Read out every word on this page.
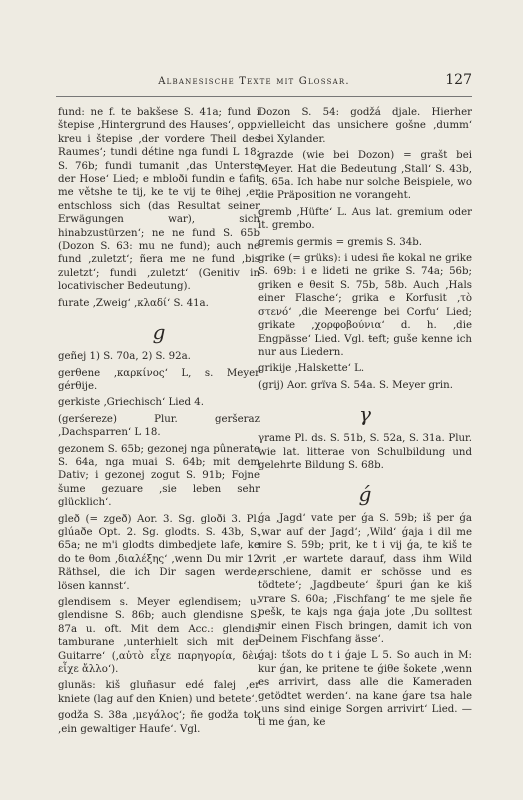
Albanesische Texte mit Glossar.	127

fund: ne f. te bakšese S. 41a; fund i štepise ‚Hintergrund des Hauses‘, opp. kreu i štepise ‚der vordere Theil des Raumes‘; tundi détine nga fundi L 18; S. 76b; fundi tumanit ‚das Unterste der Hose‘ Lied; e mbloði fundin e ťafit me větshe te tij, ke te vij te θihej ‚er entschloss sich (das Resultat seiner Erwägungen war), sich hinabzustürzen‘; ne ne fund S. 65b (Dozon S. 63: mu ne fund); auch ne fund ‚zuletzt‘; ñera me ne fund ‚bis zuletzt‘; fundi ‚zuletzt‘ (Genitiv in locativischer Bedeutung).

furate ‚Zweig‘ ‚κλαδί‘ S. 41a.

g

geñej 1) S. 70a, 2) S. 92a.

gerθene ‚καρκίνος‘ L, s. Meyer gérθije.

gerkiste ‚Griechisch‘ Lied 4.

(gerśereze) Plur. geršeraz ‚Dachsparren‘ L 18.

gezonem S. 65b; gezonej nga pûnerate S. 64a, nga muai S. 64b; mit dem Dativ; i gezonej zogut S. 91b; Fojne šume gezuare ‚sie leben sehr glücklich‘.

gleð (= zgeð) Aor. 3. Sg. gloði 3. Pl. glúaðe Opt. 2. Sg. glodts. S. 43b, S. 65a; ne m'i glodts dimbedjete lafe, ke do te θom ‚διαλέξης‘ ‚wenn Du mir 12 Räthsel, die ich Dir sagen werde, lösen kannst‘.

glendisem s. Meyer eglendisem; u-glendisne S. 86b; auch glendisne S. 87a u. oft. Mit dem Acc.: glendis tamburane ‚unterhielt sich mit der Guitarre‘ (‚αὐτὸ εἶχε παρηγορία, δὲν εἶχε ἄλλο‘).

glunäs: kiš gluñasur edé falej ‚er kniete (lag auf den Knien) und betete‘.

godža S. 38a ‚μεγάλος‘; ñe godža tok ‚ein gewaltiger Haufe‘. Vgl.

Dozon S. 54: godžá djale. Hierher vielleicht das unsichere gošne ‚dumm‘ bei Xylander.

grazde (wie bei Dozon) = grašt bei Meyer. Hat die Bedeutung ‚Stall‘ S. 43b, S. 65a. Ich habe nur solche Beispiele, wo die Präposition ne vorangeht.

gremb ‚Hüfte‘ L. Aus lat. gremium oder it. grembo.

gremis germis = gremis S. 34b.

grike (= grüks): i udesi ñe kokal ne grike S. 69b: i e lideti ne grike S. 74a; 56b; griken e θesit S. 75b, 58b. Auch ‚Hals einer Flasche‘; grika e Korfusit ‚τὸ στενό‘ ‚die Meerenge bei Corfu‘ Lied; grikate ‚χορφοβούνια‘ d. h. ‚die Engpässe‘ Lied. Vgl. ŧeft; guše kenne ich nur aus Liedern.

grikije ‚Halskette‘ L.

(grij) Aor. grïva S. 54a. S. Meyer grin.

γ

γrame Pl. ds. S. 51b, S. 52a, S. 31a. Plur. wie lat. litterae von Schulbildung und gelehrte Bildung S. 68b.

ǵ

ǵa ‚Jagd‘ vate per ǵa S. 59b; iš per ǵa ‚war auf der Jagd‘; ‚Wild‘ ǵaja i dil me mire S. 59b; prit, ke t i vij ǵa, te kiš te vrit ‚er wartete darauf, dass ihm Wild erschiene, damit er schösse und es tödtete‘; ‚Jagdbeute‘ špuri ǵan ke kiš vrare S. 60a; ‚Fischfang‘ te me sjele ñe pešk, te kajs nga ǵaja jote ‚Du solltest mir einen Fisch bringen, damit ich von Deinem Fischfang ässe‘.

ǵaj: tšots do t i ǵaje L 5. So auch in M: kur ǵan, ke pritene te ǵiθe šokete ‚wenn es arrivirt, dass alle die Kameraden getödtet werden‘. na kane ǵare tsa hale ‚uns sind einige Sorgen arrivirt‘ Lied. — ti me ǵan, ke
